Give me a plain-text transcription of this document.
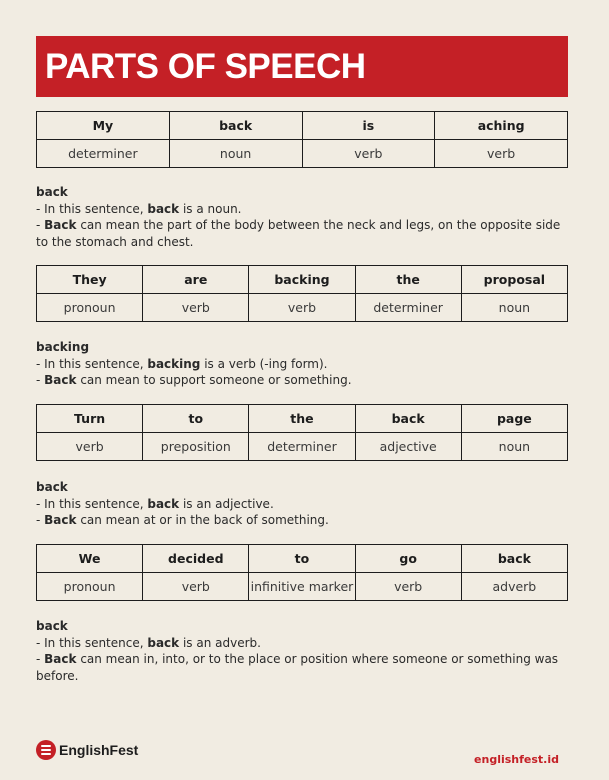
PARTS OF SPEECH
My	back	is	aching
determiner	noun	verb	verb
back
- In this sentence, back is a noun.
- Back can mean the part of the body between the neck and legs, on the opposite side to the stomach and chest.
They	are	backing	the	proposal
pronoun	verb	verb	determiner	noun
backing
- In this sentence, backing is a verb (-ing form).
- Back can mean to support someone or something.
Turn	to	the	back	page
verb	preposition	determiner	adjective	noun
back
- In this sentence, back is an adjective.
- Back can mean at or in the back of something.
We	decided	to	go	back
pronoun	verb	infinitive marker	verb	adverb
back
- In this sentence, back is an adverb.
- Back can mean in, into, or to the place or position where someone or something was before.
EnglishFest
englishfest.id
